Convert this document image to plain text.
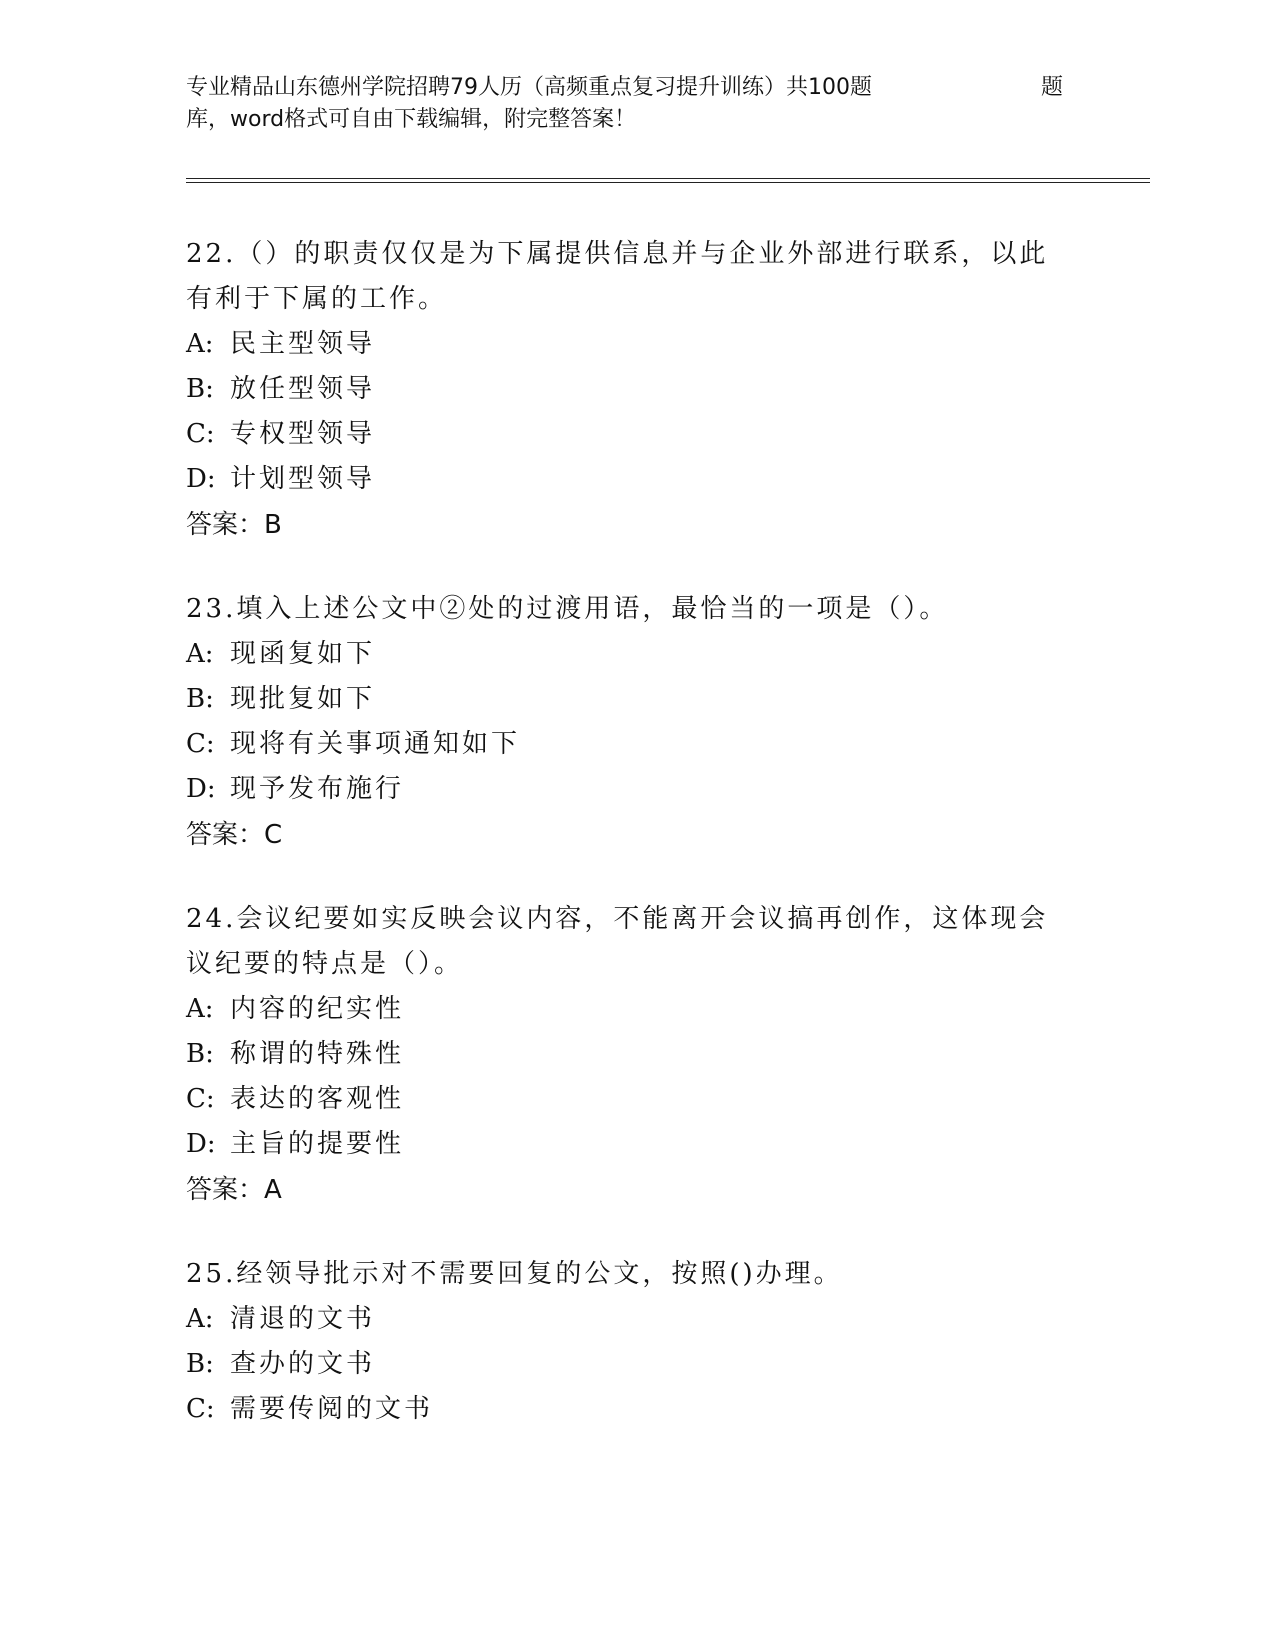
专业精品山东德州学院招聘79人历（高频重点复习提升训练）共100题	题
库，word格式可自由下载编辑，附完整答案！
22.（）的职责仅仅是为下属提供信息并与企业外部进行联系，以此有利于下属的工作。
A: 民主型领导
B: 放任型领导
C: 专权型领导
D: 计划型领导
答案：B
23.填入上述公文中②处的过渡用语，最恰当的一项是（）。
A: 现函复如下
B: 现批复如下
C: 现将有关事项通知如下
D: 现予发布施行
答案：C
24.会议纪要如实反映会议内容，不能离开会议搞再创作，这体现会议纪要的特点是（）。
A: 内容的纪实性
B: 称谓的特殊性
C: 表达的客观性
D: 主旨的提要性
答案：A
25.经领导批示对不需要回复的公文，按照()办理。
A: 清退的文书
B: 查办的文书
C: 需要传阅的文书
